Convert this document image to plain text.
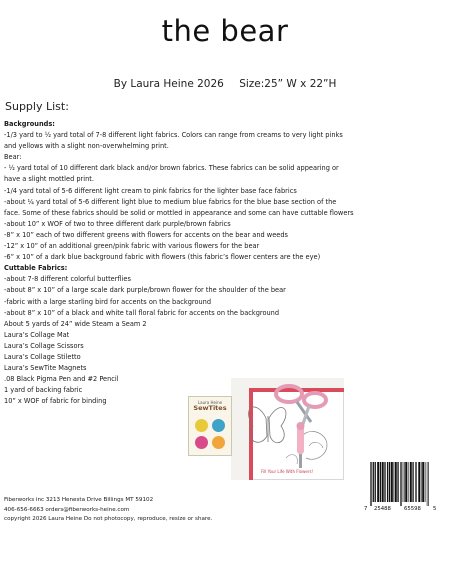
the bear
By Laura Heine 2026 Size:25” W x 22”H
Supply List:
Backgrounds:
-1/3 yard to ½ yard total of 7-8 different light fabrics. Colors can range from creams to very light pinks
and yellows with a slight non-overwhelming print.
Bear:
- ½ yard total of 10 different dark black and/or brown fabrics. These fabrics can be solid appearing or
have a slight mottled print.
-1/4 yard total of 5-6 different light cream to pink fabrics for the lighter base face fabrics
-about ¼ yard total of 5-6 different light blue to medium blue fabrics for the blue base section of the
face. Some of these fabrics should be solid or mottled in appearance and some can have cuttable flowers
-about 10” x WOF of two to three different dark purple/brown fabrics
-8” x 10” each of two different greens with flowers for accents on the bear and weeds
-12” x 10” of an additional green/pink fabric with various flowers for the bear
-6” x 10” of a dark blue background fabric with flowers (this fabric’s flower centers are the eye)
Cuttable Fabrics:
-about 7-8 different colorful butterflies
-about 8” x 10” of a large scale dark purple/brown flower for the shoulder of the bear
-fabric with a large starling bird for accents on the background
-about 8” x 10” of a black and white tall floral fabric for accents on the background
About 5 yards of 24” wide Steam a Seam 2
Laura’s Collage Mat
Laura’s Collage Scissors
Laura’s Collage Stiletto
Laura’s SewTite Magnets
.08 Black Pigma Pen and #2 Pencil
1 yard of backing fabric
10” x WOF of fabric for binding
Fill Your Life With Flowers!
Laura Heine
SewTites
7 25488 65598 5
Fiberworks inc 3213 Henesta Drive Billings MT 59102
406-656-6663 orders@fiberworks-heine.com
copyright 2026 Laura Heine Do not photocopy, reproduce, resize or share.
